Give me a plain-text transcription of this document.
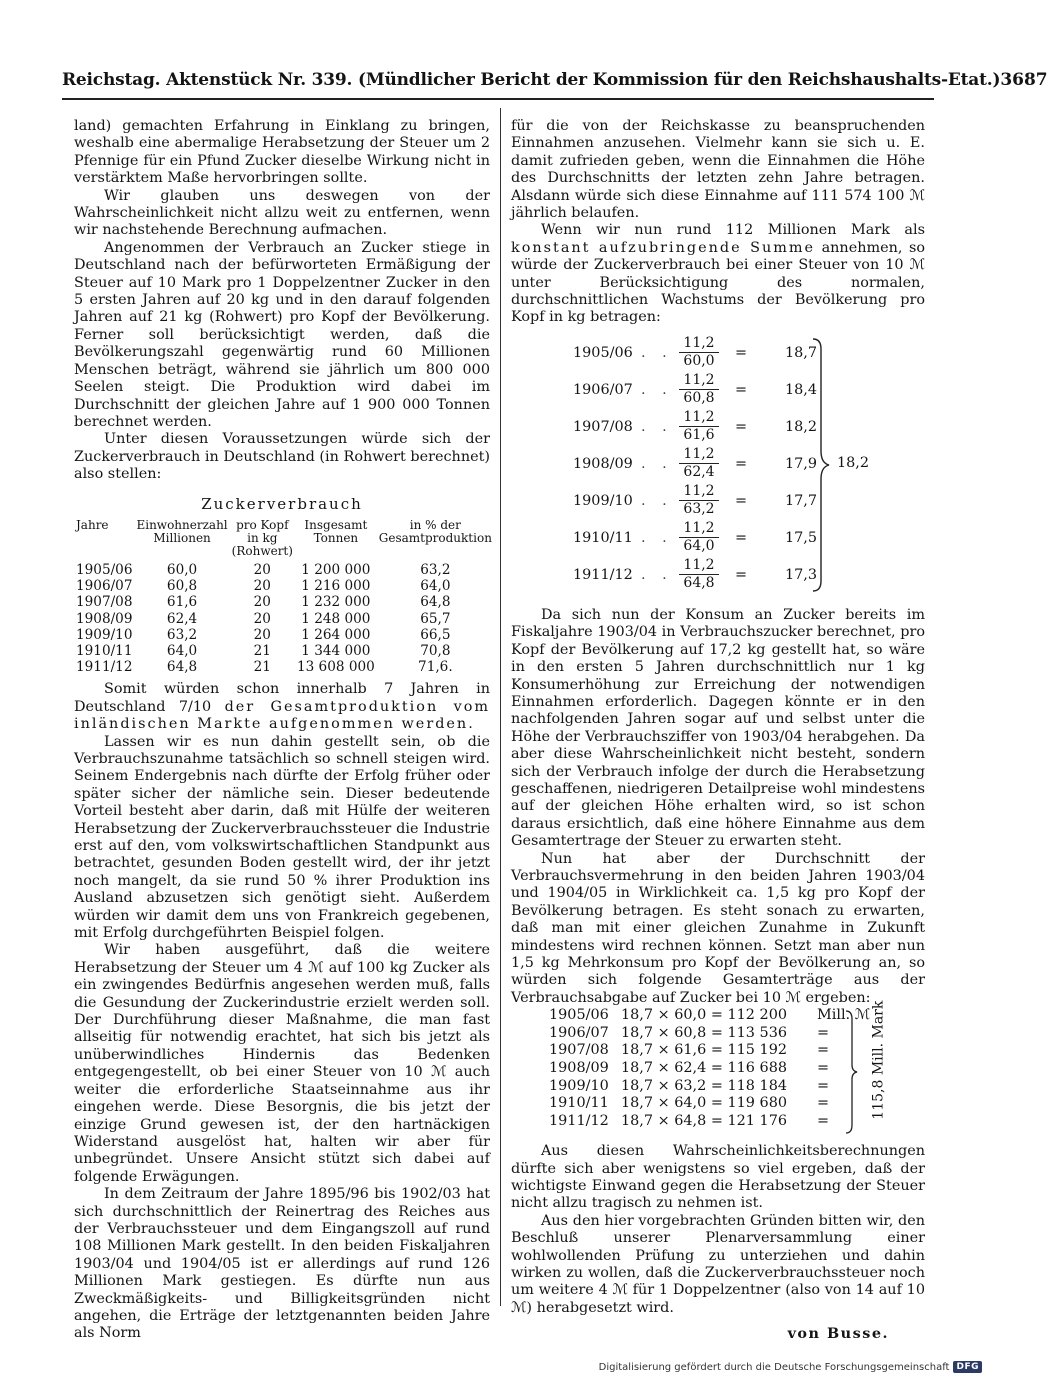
Reichstag. Aktenstück Nr. 339. (Mündlicher Bericht der Kommission für den Reichshaushalts-Etat.) 3687

land) gemachten Erfahrung in Einklang zu bringen, weshalb eine abermalige Herabsetzung der Steuer um 2 Pfennige für ein Pfund Zucker dieselbe Wirkung nicht in verstärktem Maße hervorbringen sollte.

Wir glauben uns deswegen von der Wahrscheinlichkeit nicht allzu weit zu entfernen, wenn wir nachstehende Berechnung aufmachen.

Angenommen der Verbrauch an Zucker stiege in Deutschland nach der befürworteten Ermäßigung der Steuer auf 10 Mark pro 1 Doppelzentner Zucker in den 5 ersten Jahren auf 20 kg und in den darauf folgenden Jahren auf 21 kg (Rohwert) pro Kopf der Bevölkerung. Ferner soll berücksichtigt werden, daß die Bevölkerungszahl gegenwärtig rund 60 Millionen Menschen beträgt, während sie jährlich um 800 000 Seelen steigt. Die Produktion wird dabei im Durchschnitt der gleichen Jahre auf 1 900 000 Tonnen berechnet werden.

Unter diesen Voraussetzungen würde sich der Zuckerverbrauch in Deutschland (in Rohwert berechnet) also stellen:

Zuckerverbrauch
Jahre	Einwohnerzahl Millionen	pro Kopf in kg (Rohwert)	Insgesamt Tonnen	in % der Gesamtproduktion
1905/06	60,0	20	1 200 000	63,2
1906/07	60,8	20	1 216 000	64,0
1907/08	61,6	20	1 232 000	64,8
1908/09	62,4	20	1 248 000	65,7
1909/10	63,2	20	1 264 000	66,5
1910/11	64,0	21	1 344 000	70,8
1911/12	64,8	21	13 608 000	71,6.

Somit würden schon innerhalb 7 Jahren in Deutschland 7/10 der Gesamtproduktion vom inländischen Markte aufgenommen werden.

Lassen wir es nun dahin gestellt sein, ob die Verbrauchszunahme tatsächlich so schnell steigen wird. Seinem Endergebnis nach dürfte der Erfolg früher oder später sicher der nämliche sein. Dieser bedeutende Vorteil besteht aber darin, daß mit Hülfe der weiteren Herabsetzung der Zuckerverbrauchssteuer die Industrie erst auf den, vom volkswirtschaftlichen Standpunkt aus betrachtet, gesunden Boden gestellt wird, der ihr jetzt noch mangelt, da sie rund 50 % ihrer Produktion ins Ausland abzusetzen sich genötigt sieht. Außerdem würden wir damit dem uns von Frankreich gegebenen, mit Erfolg durchgeführten Beispiel folgen.

Wir haben ausgeführt, daß die weitere Herabsetzung der Steuer um 4 ℳ auf 100 kg Zucker als ein zwingendes Bedürfnis angesehen werden muß, falls die Gesundung der Zuckerindustrie erzielt werden soll. Der Durchführung dieser Maßnahme, die man fast allseitig für notwendig erachtet, hat sich bis jetzt als unüberwindliches Hindernis das Bedenken entgegengestellt, ob bei einer Steuer von 10 ℳ auch weiter die erforderliche Staatseinnahme aus ihr eingehen werde. Diese Besorgnis, die bis jetzt der einzige Grund gewesen ist, der den hartnäckigen Widerstand ausgelöst hat, halten wir aber für unbegründet. Unsere Ansicht stützt sich dabei auf folgende Erwägungen.

In dem Zeitraum der Jahre 1895/96 bis 1902/03 hat sich durchschnittlich der Reinertrag des Reiches aus der Verbrauchssteuer und dem Eingangszoll auf rund 108 Millionen Mark gestellt. In den beiden Fiskaljahren 1903/04 und 1904/05 ist er allerdings auf rund 126 Millionen Mark gestiegen. Es dürfte nun aus Zweckmäßigkeits- und Billigkeitsgründen nicht angehen, die Erträge der letztgenannten beiden Jahre als Norm

für die von der Reichskasse zu beanspruchenden Einnahmen anzusehen. Vielmehr kann sie sich u. E. damit zufrieden geben, wenn die Einnahmen die Höhe des Durchschnitts der letzten zehn Jahre betragen. Alsdann würde sich diese Einnahme auf 111 574 100 ℳ jährlich belaufen.

Wenn wir nun rund 112 Millionen Mark als konstant aufzubringende Summe annehmen, so würde der Zuckerverbrauch bei einer Steuer von 10 ℳ unter Berücksichtigung des normalen, durchschnittlichen Wachstums der Bevölkerung pro Kopf in kg betragen:

1905/06 . . $\frac{11,2}{60,0}$ =	18,7
1906/07 . . $\frac{11,2}{60,8}$ =	18,4
1907/08 . . $\frac{11,2}{61,6}$ =	18,2
1908/09 . . $\frac{11,2}{62,4}$ =	17,9
1909/10 . . $\frac{11,2}{63,2}$ =	17,7
1910/11 . . $\frac{11,2}{64,0}$ =	17,5
1911/12 . . $\frac{11,2}{64,8}$ =	17,3
18,2

Da sich nun der Konsum an Zucker bereits im Fiskaljahre 1903/04 in Verbrauchszucker berechnet, pro Kopf der Bevölkerung auf 17,2 kg gestellt hat, so wäre in den ersten 5 Jahren durchschnittlich nur 1 kg Konsumerhöhung zur Erreichung der notwendigen Einnahmen erforderlich. Dagegen könnte er in den nachfolgenden Jahren sogar auf und selbst unter die Höhe der Verbrauchsziffer von 1903/04 herabgehen. Da aber diese Wahrscheinlichkeit nicht besteht, sondern sich der Verbrauch infolge der durch die Herabsetzung geschaffenen, niedrigeren Detailpreise wohl mindestens auf der gleichen Höhe erhalten wird, so ist schon daraus ersichtlich, daß eine höhere Einnahme aus dem Gesamtertrage der Steuer zu erwarten steht.

Nun hat aber der Durchschnitt der Verbrauchsvermehrung in den beiden Jahren 1903/04 und 1904/05 in Wirklichkeit ca. 1,5 kg pro Kopf der Bevölkerung betragen. Es steht sonach zu erwarten, daß man mit einer gleichen Zunahme in Zukunft mindestens wird rechnen können. Setzt man aber nun 1,5 kg Mehrkonsum pro Kopf der Bevölkerung an, so würden sich folgende Gesamterträge aus der Verbrauchsabgabe auf Zucker bei 10 ℳ ergeben:

1905/06 18,7 × 60,0 = 112 200 Mill. ℳ
1906/07 18,7 × 60,8 = 113 536 =
1907/08 18,7 × 61,6 = 115 192 =
1908/09 18,7 × 62,4 = 116 688 =
1909/10 18,7 × 63,2 = 118 184 =
1910/11 18,7 × 64,0 = 119 680 =
1911/12 18,7 × 64,8 = 121 176 =
115,8 Mill. Mark

Aus diesen Wahrscheinlichkeitsberechnungen dürfte sich aber wenigstens so viel ergeben, daß der wichtigste Einwand gegen die Herabsetzung der Steuer nicht allzu tragisch zu nehmen ist.

Aus den hier vorgebrachten Gründen bitten wir, den Beschluß unserer Plenarversammlung einer wohlwollenden Prüfung zu unterziehen und dahin wirken zu wollen, daß die Zuckerverbrauchssteuer noch um weitere 4 ℳ für 1 Doppelzentner (also von 14 auf 10 ℳ) herabgesetzt wird.

von Busse.

Digitalisierung gefördert durch die Deutsche Forschungsgemeinschaft DFG
